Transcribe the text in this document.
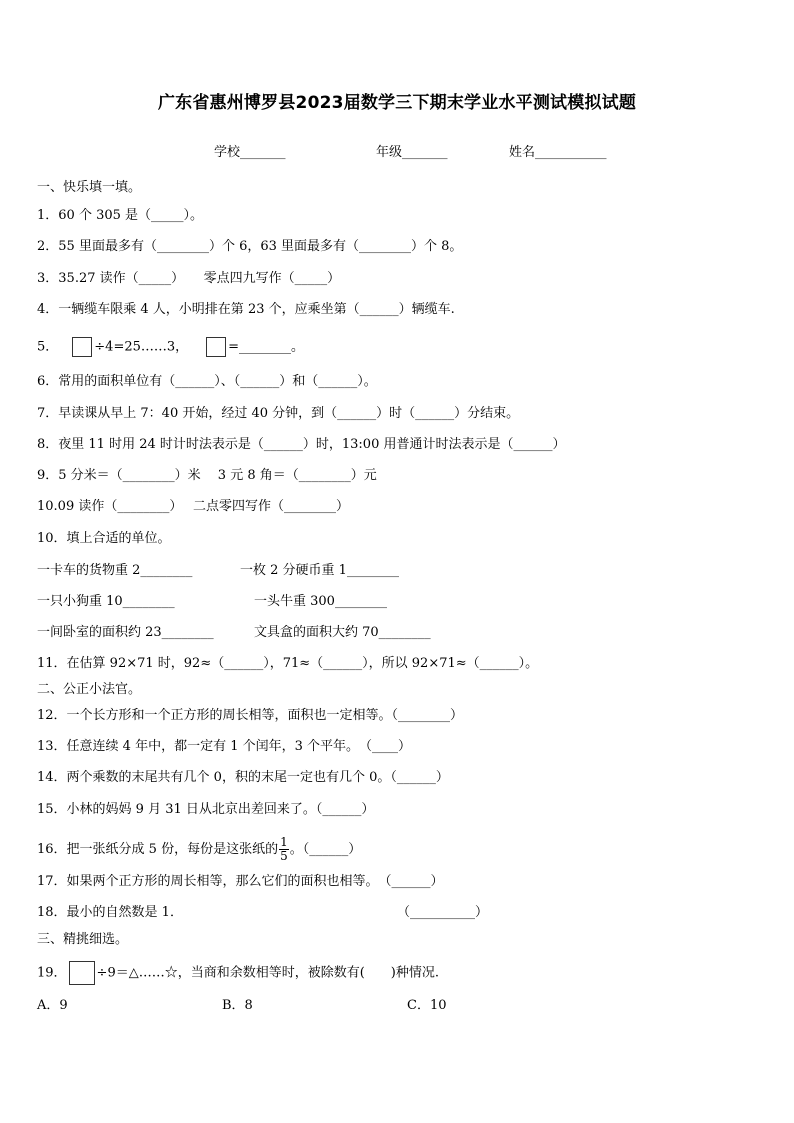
广东省惠州博罗县2023届数学三下期末学业水平测试模拟试题
学校_______	年级_______	姓名___________
一、快乐填一填。
1．60 个 305 是（_____）。
2．55 里面最多有（________）个 6，63 里面最多有（________）个 8。
3．35.27 读作（_____）　　零点四九写作（_____）
4．一辆缆车限乘 4 人，小明排在第 23 个，应乘坐第（______）辆缆车.
5．	÷4=25……3，	=________。
6．常用的面积单位有（______）、（______）和（______）。
7．早读课从早上 7：40 开始，经过 40 分钟，到（______）时（______）分结束。
8．夜里 11 时用 24 时计时法表示是（______）时，13:00 用普通计时法表示是（______）
9．5 分米＝（________）米　 3 元 8 角＝（________）元
10.09 读作（________）　 二点零四写作（________）
10．填上合适的单位。
一卡车的货物重 2________	一枚 2 分硬币重 1________
一只小狗重 10________	一头牛重 300________
一间卧室的面积约 23________	文具盒的面积大约 70________
11．在估算 92×71 时，92≈（______），71≈（______），所以 92×71≈（______）。
二、公正小法官。
12．一个长方形和一个正方形的周长相等，面积也一定相等。（________）
13．任意连续 4 年中，都一定有 1 个闰年，3 个平年。　（____）
14．两个乘数的末尾共有几个 0，积的末尾一定也有几个 0。（______）
15．小林的妈妈 9 月 31 日从北京出差回来了。（______）
16．把一张纸分成 5 份，每份是这张纸的 $\frac{1}{5}$ 。（______）
17．如果两个正方形的周长相等，那么它们的面积也相等。　（______）
18．最小的自然数是 1．	（__________）
三、精挑细选。
19． ÷9＝△……☆，当商和余数相等时，被除数有(　　)种情况.
A．9	B．8	C．10
